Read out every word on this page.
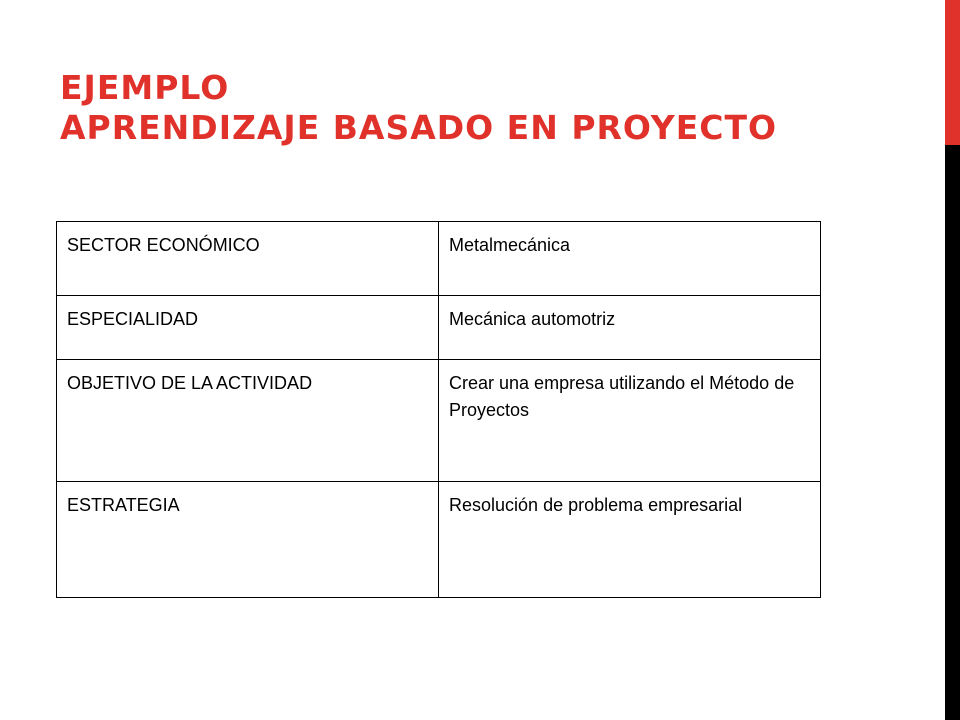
EJEMPLO
APRENDIZAJE BASADO EN PROYECTO
SECTOR ECONÓMICO	Metalmecánica
ESPECIALIDAD	Mecánica automotriz
OBJETIVO DE LA ACTIVIDAD	Crear una empresa utilizando el Método de Proyectos
ESTRATEGIA	Resolución de problema empresarial
